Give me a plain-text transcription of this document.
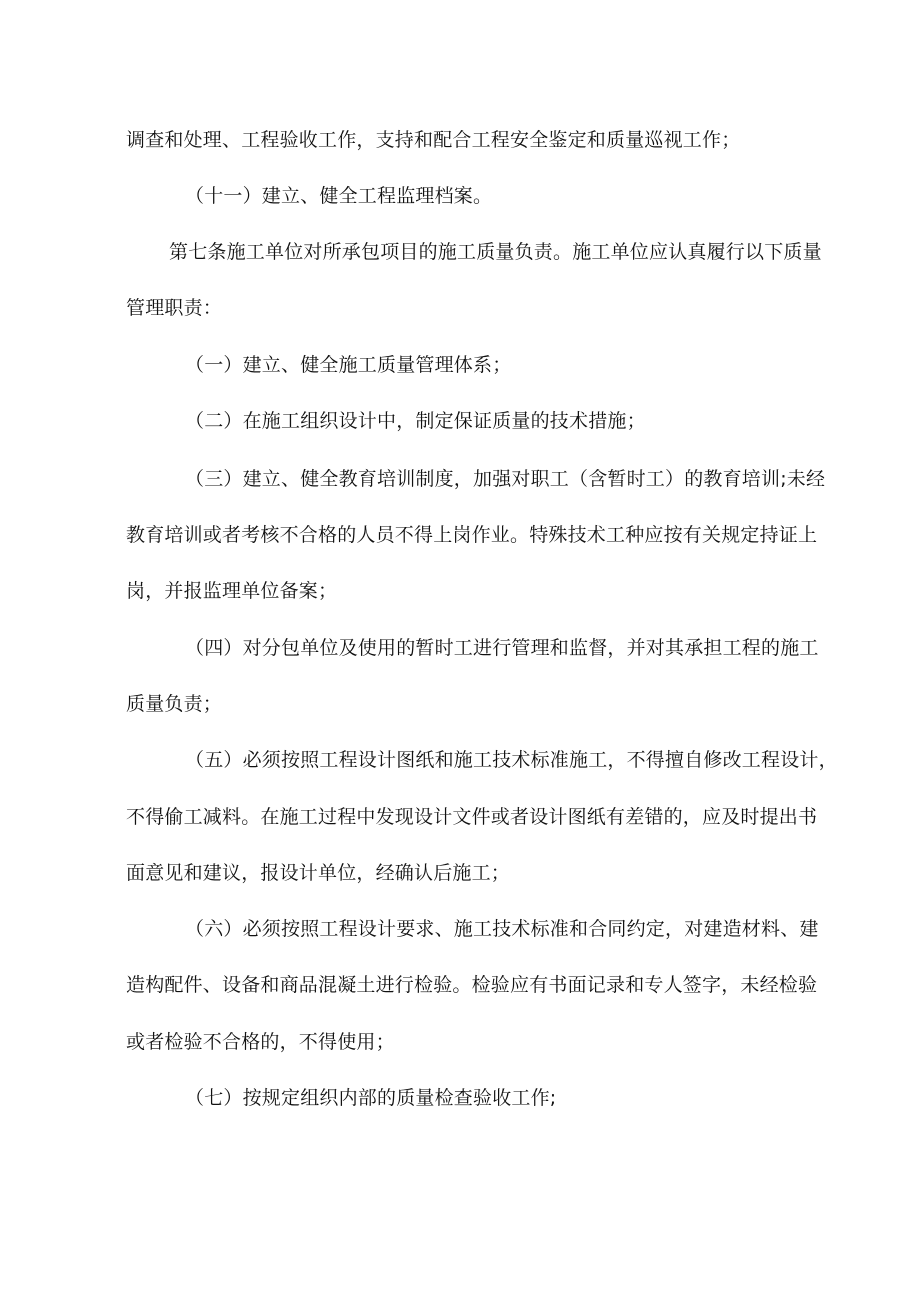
调查和处理、工程验收工作，支持和配合工程安全鉴定和质量巡视工作；
（十一）建立、健全工程监理档案。
第七条施工单位对所承包项目的施工质量负责。施工单位应认真履行以下质量
管理职责：
（一）建立、健全施工质量管理体系；
（二）在施工组织设计中，制定保证质量的技术措施；
（三）建立、健全教育培训制度，加强对职工（含暂时工）的教育培训;未经
教育培训或者考核不合格的人员不得上岗作业。特殊技术工种应按有关规定持证上
岗，并报监理单位备案；
（四）对分包单位及使用的暂时工进行管理和监督，并对其承担工程的施工
质量负责；
（五）必须按照工程设计图纸和施工技术标准施工，不得擅自修改工程设计，
不得偷工减料。在施工过程中发现设计文件或者设计图纸有差错的，应及时提出书
面意见和建议，报设计单位，经确认后施工；
（六）必须按照工程设计要求、施工技术标准和合同约定，对建造材料、建
造构配件、设备和商品混凝土进行检验。检验应有书面记录和专人签字，未经检验
或者检验不合格的，不得使用；
（七）按规定组织内部的质量检查验收工作;
